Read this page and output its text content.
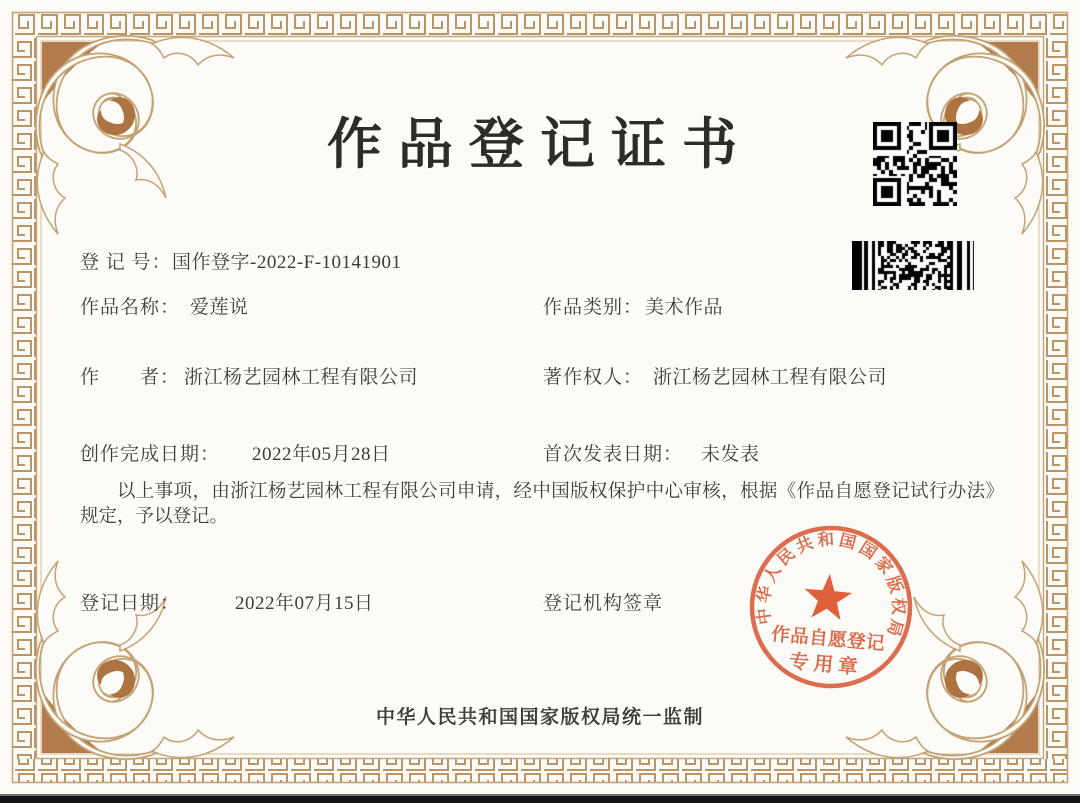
作品登记证书
登 记 号： 国作登字-2022-F-10141901
作品名称： 爱莲说	作品类别： 美术作品
作　　者： 浙江杨艺园林工程有限公司	著作权人： 浙江杨艺园林工程有限公司
创作完成日期： 2022年05月28日	首次发表日期： 未发表
以上事项，由浙江杨艺园林工程有限公司申请，经中国版权保护中心审核，根据《作品自愿登记试行办法》规定，予以登记。
登记日期：	2022年07月15日	登记机构签章
中
华
人
民
共 和 国
国
家
版
权
局
作品自愿登记
专用章
中华人民共和国国家版权局统一监制
